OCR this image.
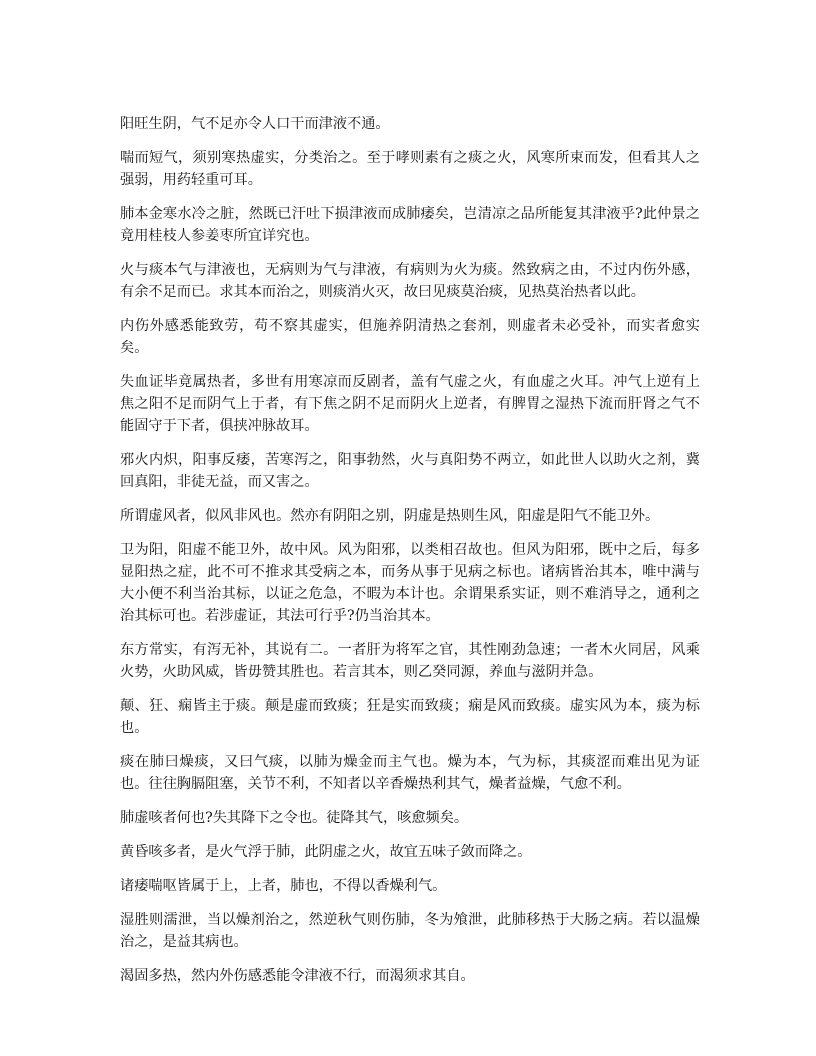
阳旺生阴，气不足亦令人口干而津液不通。

喘而短气，须别寒热虚实，分类治之。至于哮则素有之痰之火，风寒所束而发，但看其人之强弱，用药轻重可耳。

肺本金寒水冷之脏，然既已汗吐下损津液而成肺痿矣，岂清凉之品所能复其津液乎?此仲景之竟用桂枝人参姜枣所宜详究也。

火与痰本气与津液也，无病则为气与津液，有病则为火为痰。然致病之由，不过内伤外感，有余不足而已。求其本而治之，则痰消火灭，故曰见痰莫治痰，见热莫治热者以此。

内伤外感悉能致劳，苟不察其虚实，但施养阴清热之套剂，则虚者未必受补，而实者愈实矣。

失血证毕竟属热者，多世有用寒凉而反剧者，盖有气虚之火，有血虚之火耳。冲气上逆有上焦之阳不足而阴气上于者，有下焦之阴不足而阴火上逆者，有脾胃之湿热下流而肝肾之气不能固守于下者，俱挟冲脉故耳。

邪火内炽，阳事反痿，苦寒泻之，阳事勃然，火与真阳势不两立，如此世人以助火之剂，冀回真阳，非徒无益，而又害之。

所谓虚风者，似风非风也。然亦有阴阳之别，阴虚是热则生风，阳虚是阳气不能卫外。

卫为阳，阳虚不能卫外，故中风。风为阳邪，以类相召故也。但风为阳邪，既中之后，每多显阳热之症，此不可不推求其受病之本，而务从事于见病之标也。诸病皆治其本，唯中满与大小便不利当治其标，以证之危急，不暇为本计也。余谓果系实证，则不难消导之，通利之治其标可也。若涉虚证，其法可行乎?仍当治其本。

东方常实，有泻无补，其说有二。一者肝为将军之官，其性刚劲急速；一者木火同居，风乘火势，火助风威，皆毋赞其胜也。若言其本，则乙癸同源，养血与滋阴并急。

颠、狂、痫皆主于痰。颠是虚而致痰；狂是实而致痰；痫是风而致痰。虚实风为本，痰为标也。

痰在肺曰燥痰，又曰气痰，以肺为燥金而主气也。燥为本，气为标，其痰涩而难出见为证也。往往胸膈阻塞，关节不利，不知者以辛香燥热利其气，燥者益燥，气愈不利。

肺虚咳者何也?失其降下之令也。徒降其气，咳愈频矣。

黄昏咳多者，是火气浮于肺，此阴虚之火，故宜五味子敛而降之。

诸痿喘呕皆属于上，上者，肺也，不得以香燥利气。

湿胜则濡泄，当以燥剂治之，然逆秋气则伤肺，冬为飧泄，此肺移热于大肠之病。若以温燥治之，是益其病也。

渴固多热，然内外伤感悉能令津液不行，而渴须求其自。
